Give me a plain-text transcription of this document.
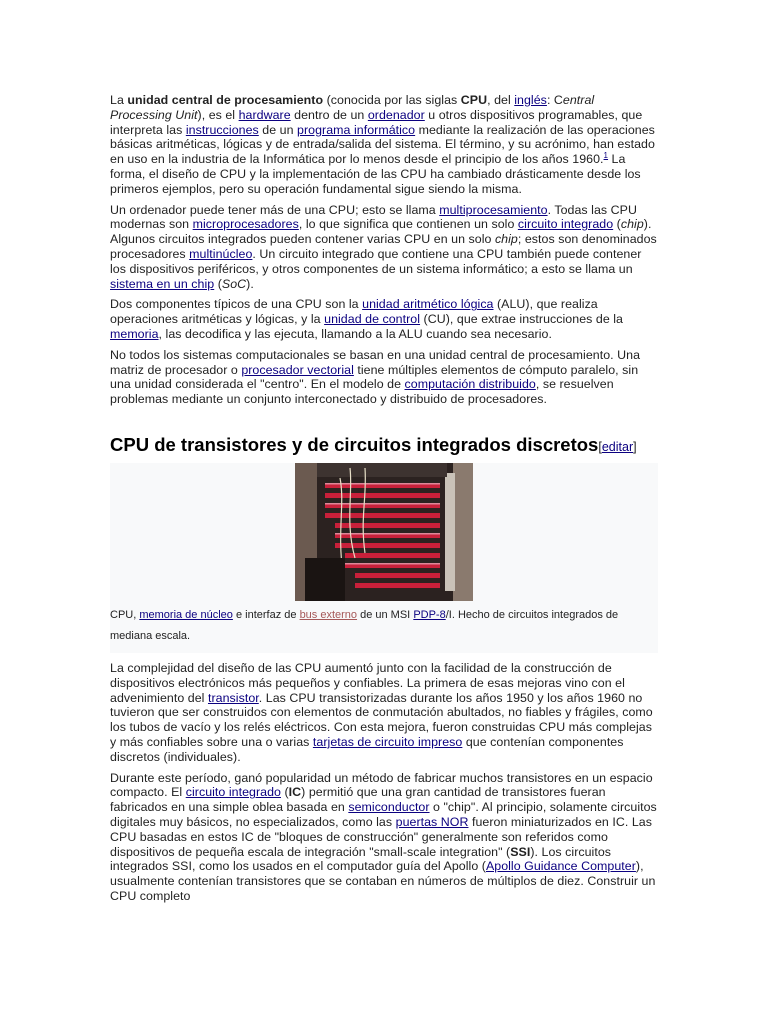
La unidad central de procesamiento (conocida por las siglas CPU, del inglés: Central Processing Unit), es el hardware dentro de un ordenador u otros dispositivos programables, que interpreta las instrucciones de un programa informático mediante la realización de las operaciones básicas aritméticas, lógicas y de entrada/salida del sistema. El término, y su acrónimo, han estado en uso en la industria de la Informática por lo menos desde el principio de los años 1960.$^1$ La forma, el diseño de CPU y la implementación de las CPU ha cambiado drásticamente desde los primeros ejemplos, pero su operación fundamental sigue siendo la misma.

Un ordenador puede tener más de una CPU; esto se llama multiprocesamiento. Todas las CPU modernas son microprocesadores, lo que significa que contienen un solo circuito integrado (chip). Algunos circuitos integrados pueden contener varias CPU en un solo chip; estos son denominados procesadores multinúcleo. Un circuito integrado que contiene una CPU también puede contener los dispositivos periféricos, y otros componentes de un sistema informático; a esto se llama un sistema en un chip (SoC).

Dos componentes típicos de una CPU son la unidad aritmético lógica (ALU), que realiza operaciones aritméticas y lógicas, y la unidad de control (CU), que extrae instrucciones de la memoria, las decodifica y las ejecuta, llamando a la ALU cuando sea necesario.

No todos los sistemas computacionales se basan en una unidad central de procesamiento. Una matriz de procesador o procesador vectorial tiene múltiples elementos de cómputo paralelo, sin una unidad considerada el "centro". En el modelo de computación distribuido, se resuelven problemas mediante un conjunto interconectado y distribuido de procesadores.

CPU de transistores y de circuitos integrados discretos[editar]
CPU, memoria de núcleo e interfaz de bus externo de un MSI PDP-8/I. Hecho de circuitos integrados de mediana escala.

La complejidad del diseño de las CPU aumentó junto con la facilidad de la construcción de dispositivos electrónicos más pequeños y confiables. La primera de esas mejoras vino con el advenimiento del transistor. Las CPU transistorizadas durante los años 1950 y los años 1960 no tuvieron que ser construidos con elementos de conmutación abultados, no fiables y frágiles, como los tubos de vacío y los relés eléctricos. Con esta mejora, fueron construidas CPU más complejas y más confiables sobre una o varias tarjetas de circuito impreso que contenían componentes discretos (individuales).

Durante este período, ganó popularidad un método de fabricar muchos transistores en un espacio compacto. El circuito integrado (IC) permitió que una gran cantidad de transistores fueran fabricados en una simple oblea basada en semiconductor o "chip". Al principio, solamente circuitos digitales muy básicos, no especializados, como las puertas NOR fueron miniaturizados en IC. Las CPU basadas en estos IC de "bloques de construcción" generalmente son referidos como dispositivos de pequeña escala de integración "small-scale integration" (SSI). Los circuitos integrados SSI, como los usados en el computador guía del Apollo (Apollo Guidance Computer), usualmente contenían transistores que se contaban en números de múltiplos de diez. Construir un CPU completo
